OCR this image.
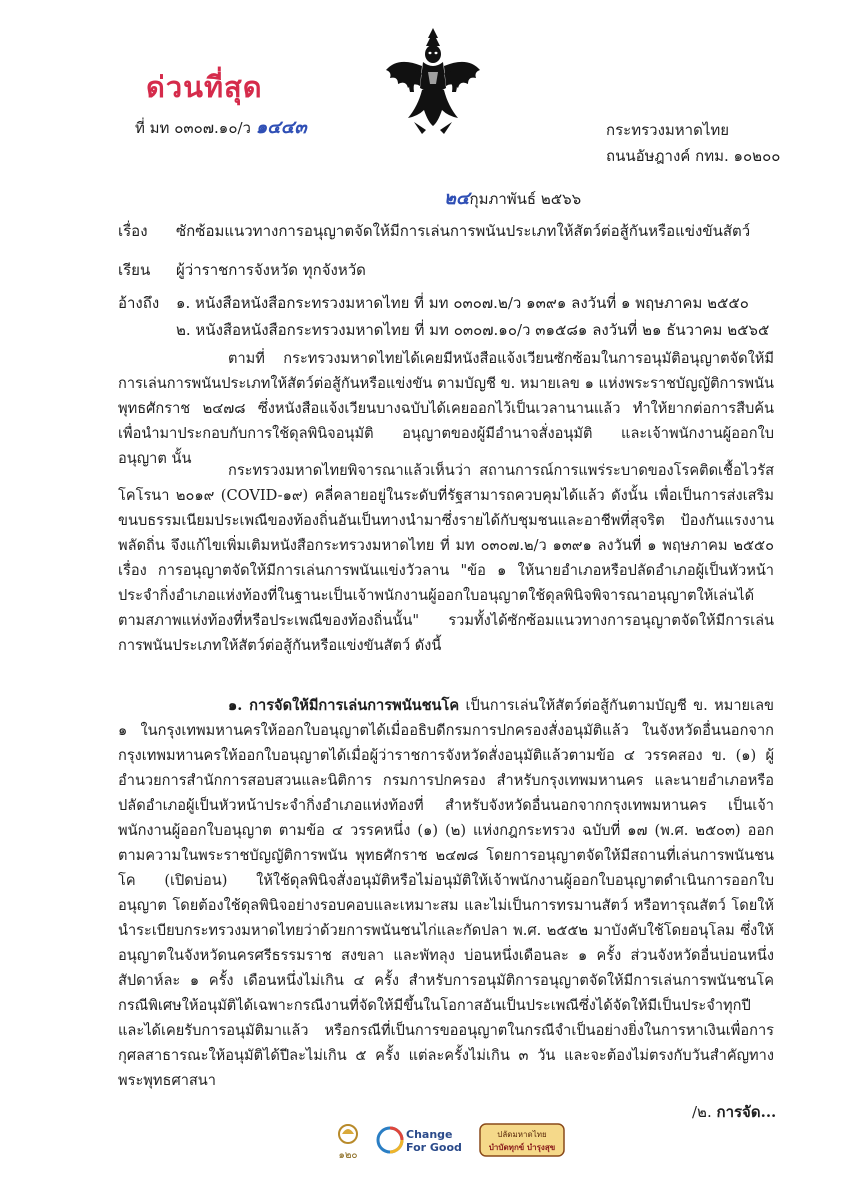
ด่วนที่สุด
ที่ มท ๐๓๐๗.๑๐/ว ๑๔๔๓	กระทรวงมหาดไทย
ถนนอัษฎางค์ กทม. ๑๐๒๐๐
๒๔กุมภาพันธ์ ๒๕๖๖
เรื่อง	ซักซ้อมแนวทางการอนุญาตจัดให้มีการเล่นการพนันประเภทให้สัตว์ต่อสู้กันหรือแข่งขันสัตว์
เรียน	ผู้ว่าราชการจังหวัด ทุกจังหวัด
อ้างถึง ๑. หนังสือหนังสือกระทรวงมหาดไทย ที่ มท ๐๓๐๗.๒/ว ๑๓๙๑ ลงวันที่ ๑ พฤษภาคม ๒๕๕๐
๒. หนังสือหนังสือกระทรวงมหาดไทย ที่ มท ๐๓๐๗.๑๐/ว ๓๑๕๘๑ ลงวันที่ ๒๑ ธันวาคม ๒๕๖๕

ตามที่ กระทรวงมหาดไทยได้เคยมีหนังสือแจ้งเวียนซักซ้อมในการอนุมัติอนุญาตจัดให้มีการเล่นการพนันประเภทให้สัตว์ต่อสู้กันหรือแข่งขัน ตามบัญชี ข. หมายเลข ๑ แห่งพระราชบัญญัติการพนัน พุทธศักราช ๒๔๗๘ ซึ่งหนังสือแจ้งเวียนบางฉบับได้เคยออกไว้เป็นเวลานานแล้ว ทำให้ยากต่อการสืบค้นเพื่อนำมาประกอบกับการใช้ดุลพินิจอนุมัติ อนุญาตของผู้มีอำนาจสั่งอนุมัติ และเจ้าพนักงานผู้ออกใบอนุญาต นั้น

กระทรวงมหาดไทยพิจารณาแล้วเห็นว่า สถานการณ์การแพร่ระบาดของโรคติดเชื้อไวรัสโคโรนา ๒๐๑๙ (COVID-๑๙) คลี่คลายอยู่ในระดับที่รัฐสามารถควบคุมได้แล้ว ดังนั้น เพื่อเป็นการส่งเสริมขนบธรรมเนียมประเพณีของท้องถิ่นอันเป็นทางนำมาซึ่งรายได้กับชุมชนและอาชีพที่สุจริต ป้องกันแรงงานพลัดถิ่น จึงแก้ไขเพิ่มเติมหนังสือกระทรวงมหาดไทย ที่ มท ๐๓๐๗.๒/ว ๑๓๙๑ ลงวันที่ ๑ พฤษภาคม ๒๕๕๐ เรื่อง การอนุญาตจัดให้มีการเล่นการพนันแข่งวัวลาน "ข้อ ๑ ให้นายอำเภอหรือปลัดอำเภอผู้เป็นหัวหน้าประจำกิ่งอำเภอแห่งท้องที่ในฐานะเป็นเจ้าพนักงานผู้ออกใบอนุญาตใช้ดุลพินิจพิจารณาอนุญาตให้เล่นได้ตามสภาพแห่งท้องที่หรือประเพณีของท้องถิ่นนั้น" รวมทั้งได้ซักซ้อมแนวทางการอนุญาตจัดให้มีการเล่นการพนันประเภทให้สัตว์ต่อสู้กันหรือแข่งขันสัตว์ ดังนี้

๑. การจัดให้มีการเล่นการพนันชนโค เป็นการเล่นให้สัตว์ต่อสู้กันตามบัญชี ข. หมายเลข ๑ ในกรุงเทพมหานครให้ออกใบอนุญาตได้เมื่ออธิบดีกรมการปกครองสั่งอนุมัติแล้ว ในจังหวัดอื่นนอกจากกรุงเทพมหานครให้ออกใบอนุญาตได้เมื่อผู้ว่าราชการจังหวัดสั่งอนุมัติแล้วตามข้อ ๔ วรรคสอง ข. (๑) ผู้อำนวยการสำนักการสอบสวนและนิติการ กรมการปกครอง สำหรับกรุงเทพมหานคร และนายอำเภอหรือปลัดอำเภอผู้เป็นหัวหน้าประจำกิ่งอำเภอแห่งท้องที่ สำหรับจังหวัดอื่นนอกจากกรุงเทพมหานคร เป็นเจ้าพนักงานผู้ออกใบอนุญาต ตามข้อ ๔ วรรคหนึ่ง (๑) (๒) แห่งกฎกระทรวง ฉบับที่ ๑๗ (พ.ศ. ๒๕๐๓) ออกตามความในพระราชบัญญัติการพนัน พุทธศักราช ๒๔๗๘ โดยการอนุญาตจัดให้มีสถานที่เล่นการพนันชนโค (เปิดบ่อน) ให้ใช้ดุลพินิจสั่งอนุมัติหรือไม่อนุมัติให้เจ้าพนักงานผู้ออกใบอนุญาตดำเนินการออกใบอนุญาต โดยต้องใช้ดุลพินิจอย่างรอบคอบและเหมาะสม และไม่เป็นการทรมานสัตว์ หรือทารุณสัตว์ โดยให้นำระเบียบกระทรวงมหาดไทยว่าด้วยการพนันชนไก่และกัดปลา พ.ศ. ๒๕๕๒ มาบังคับใช้โดยอนุโลม ซึ่งให้อนุญาตในจังหวัดนครศรีธรรมราช สงขลา และพัทลุง บ่อนหนึ่งเดือนละ ๑ ครั้ง ส่วนจังหวัดอื่นบ่อนหนึ่งสัปดาห์ละ ๑ ครั้ง เดือนหนึ่งไม่เกิน ๔ ครั้ง สำหรับการอนุมัติการอนุญาตจัดให้มีการเล่นการพนันชนโค กรณีพิเศษให้อนุมัติได้เฉพาะกรณีงานที่จัดให้มีขึ้นในโอกาสอันเป็นประเพณีซึ่งได้จัดให้มีเป็นประจำทุกปี และได้เคยรับการอนุมัติมาแล้ว หรือกรณีที่เป็นการขออนุญาตในกรณีจำเป็นอย่างยิ่งในการหาเงินเพื่อการกุศลสาธารณะให้อนุมัติได้ปีละไม่เกิน ๕ ครั้ง แต่ละครั้งไม่เกิน ๓ วัน และจะต้องไม่ตรงกับวันสำคัญทางพระพุทธศาสนา

/๒. การจัด...
๑๒๐
Change
For Good
ปลัดมหาดไทย
บำบัดทุกข์ บำรุงสุข
